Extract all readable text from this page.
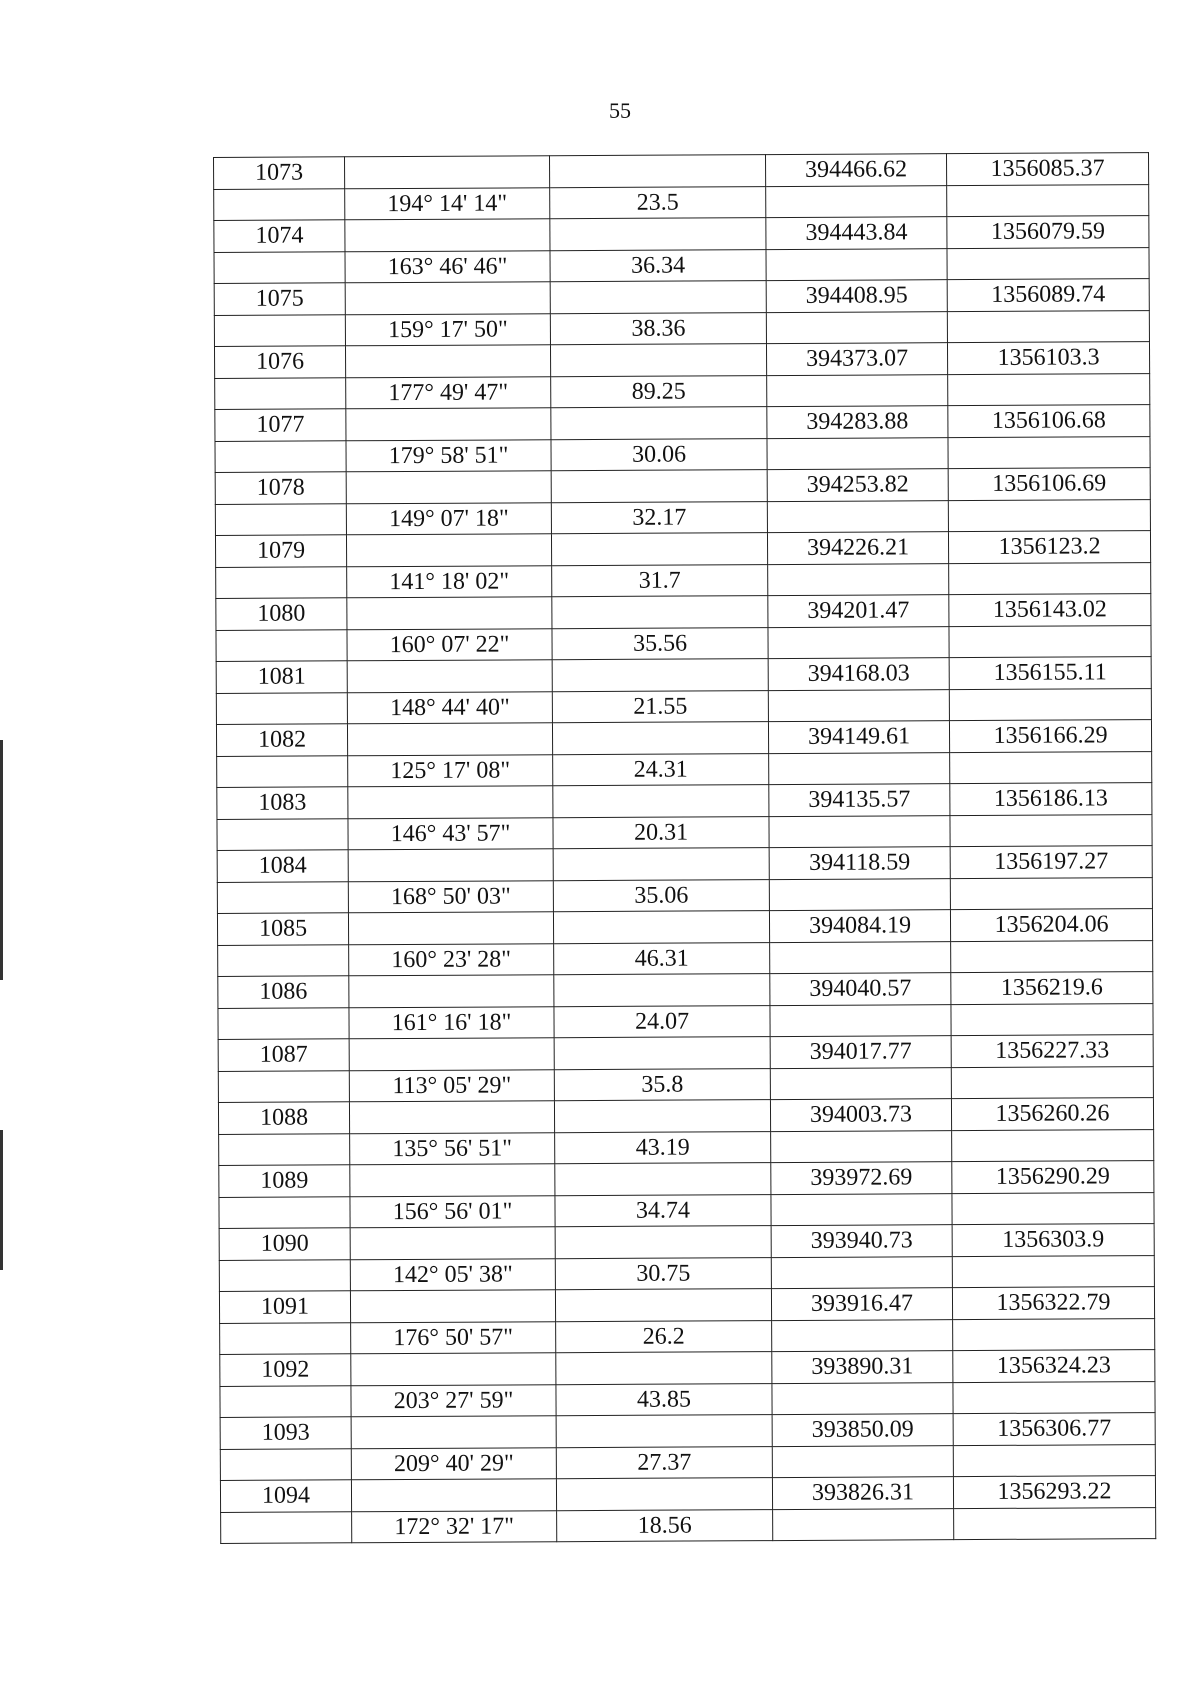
55
1073			394466.62	1356085.37
	194° 14' 14"	23.5		
1074			394443.84	1356079.59
	163° 46' 46"	36.34		
1075			394408.95	1356089.74
	159° 17' 50"	38.36		
1076			394373.07	1356103.3
	177° 49' 47"	89.25		
1077			394283.88	1356106.68
	179° 58' 51"	30.06		
1078			394253.82	1356106.69
	149° 07' 18"	32.17		
1079			394226.21	1356123.2
	141° 18' 02"	31.7		
1080			394201.47	1356143.02
	160° 07' 22"	35.56		
1081			394168.03	1356155.11
	148° 44' 40"	21.55		
1082			394149.61	1356166.29
	125° 17' 08"	24.31		
1083			394135.57	1356186.13
	146° 43' 57"	20.31		
1084			394118.59	1356197.27
	168° 50' 03"	35.06		
1085			394084.19	1356204.06
	160° 23' 28"	46.31		
1086			394040.57	1356219.6
	161° 16' 18"	24.07		
1087			394017.77	1356227.33
	113° 05' 29"	35.8		
1088			394003.73	1356260.26
	135° 56' 51"	43.19		
1089			393972.69	1356290.29
	156° 56' 01"	34.74		
1090			393940.73	1356303.9
	142° 05' 38"	30.75		
1091			393916.47	1356322.79
	176° 50' 57"	26.2		
1092			393890.31	1356324.23
	203° 27' 59"	43.85		
1093			393850.09	1356306.77
	209° 40' 29"	27.37		
1094			393826.31	1356293.22
	172° 32' 17"	18.56		
